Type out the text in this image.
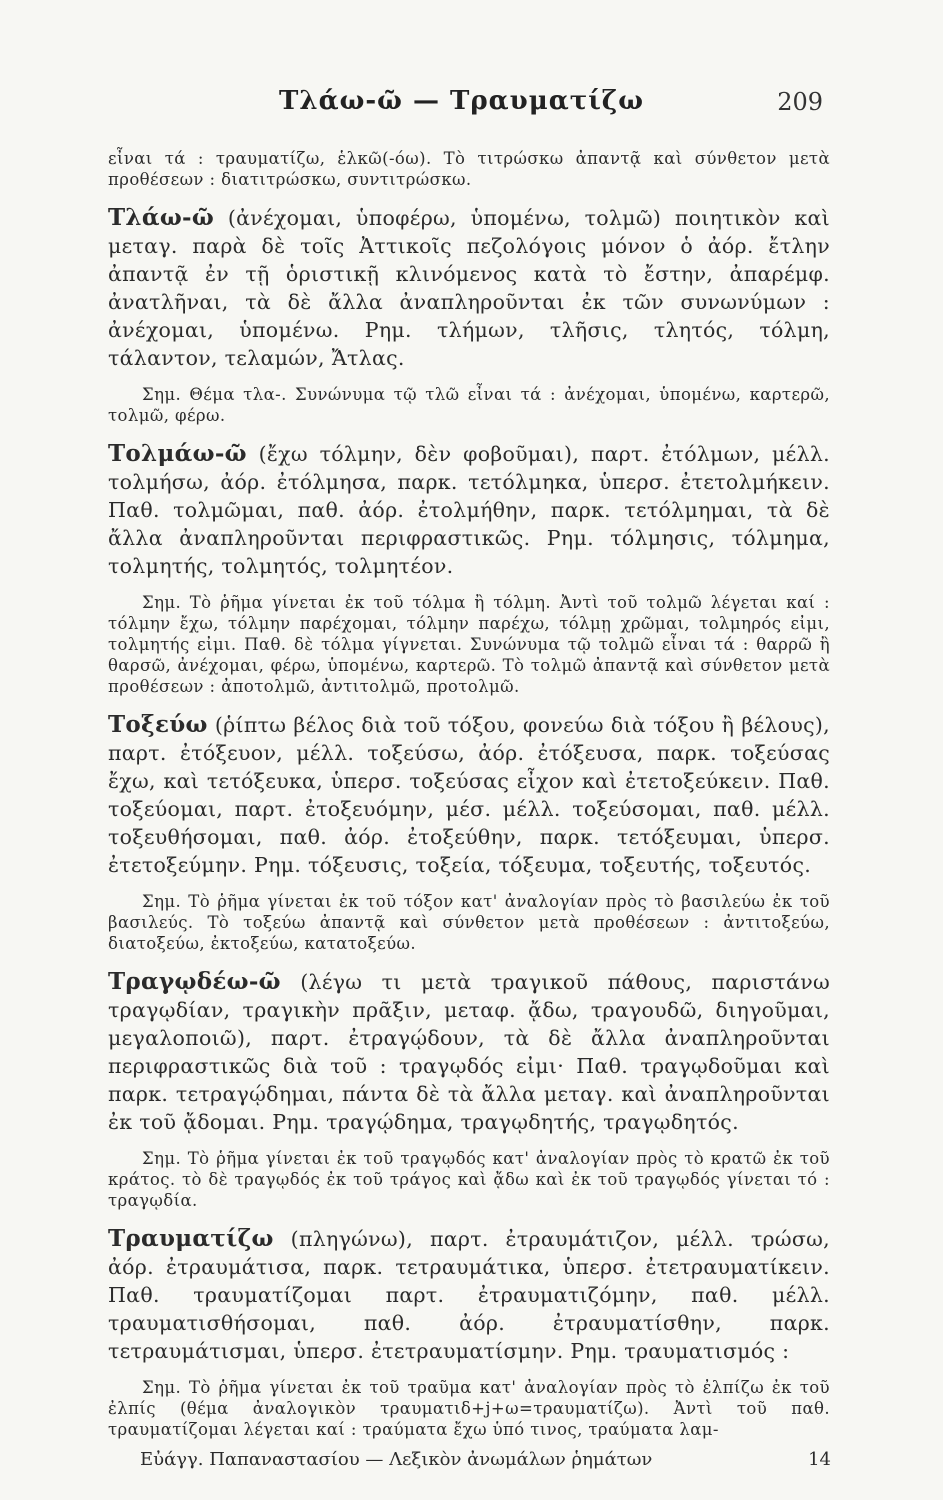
Τλάω-ῶ — Τραυματίζω	209

εἶναι τά : τραυματίζω, ἑλκῶ(-όω). Τὸ τιτρώσκω ἀπαντᾷ καὶ σύνθετον μετὰ προθέσεων : διατιτρώσκω, συντιτρώσκω.

Τλάω-ῶ (ἀνέχομαι, ὑποφέρω, ὑπομένω, τολμῶ) ποιητικὸν καὶ μεταγ. παρὰ δὲ τοῖς Ἀττικοῖς πεζολόγοις μόνον ὁ ἀόρ. ἔτλην ἀπαντᾷ ἐν τῇ ὁριστικῇ κλινόμενος κατὰ τὸ ἔστην, ἀπαρέμφ. ἀνατλῆναι, τὰ δὲ ἄλλα ἀναπληροῦνται ἐκ τῶν συνωνύμων : ἀνέχομαι, ὑπομένω. Ρημ. τλήμων, τλῆσις, τλητός, τόλμη, τάλαντον, τελαμών, Ἄτλας.

Σημ. Θέμα τλα-. Συνώνυμα τῷ τλῶ εἶναι τά : ἀνέχομαι, ὑπομένω, καρτερῶ, τολμῶ, φέρω.

Τολμάω-ῶ (ἔχω τόλμην, δὲν φοβοῦμαι), παρτ. ἐτόλμων, μέλλ. τολμήσω, ἀόρ. ἐτόλμησα, παρκ. τετόλμηκα, ὑπερσ. ἐτετολμήκειν. Παθ. τολμῶμαι, παθ. ἀόρ. ἐτολμήθην, παρκ. τετόλμημαι, τὰ δὲ ἄλλα ἀναπληροῦνται περιφραστικῶς. Ρημ. τόλμησις, τόλμημα, τολμητής, τολμητός, τολμητέον.

Σημ. Τὸ ῥῆμα γίνεται ἐκ τοῦ τόλμα ἢ τόλμη. Ἀντὶ τοῦ τολμῶ λέγεται καί : τόλμην ἔχω, τόλμην παρέχομαι, τόλμην παρέχω, τόλμῃ χρῶμαι, τολμηρός εἰμι, τολμητής εἰμι. Παθ. δὲ τόλμα γίγνεται. Συνώνυμα τῷ τολμῶ εἶναι τά : θαρρῶ ἢ θαρσῶ, ἀνέχομαι, φέρω, ὑπομένω, καρτερῶ. Τὸ τολμῶ ἀπαντᾷ καὶ σύνθετον μετὰ προθέσεων : ἀποτολμῶ, ἀντιτολμῶ, προτολμῶ.

Τοξεύω (ῥίπτω βέλος διὰ τοῦ τόξου, φονεύω διὰ τόξου ἢ βέλους), παρτ. ἐτόξευον, μέλλ. τοξεύσω, ἀόρ. ἐτόξευσα, παρκ. τοξεύσας ἔχω, καὶ τετόξευκα, ὑπερσ. τοξεύσας εἶχον καὶ ἐτετοξεύκειν. Παθ. τοξεύομαι, παρτ. ἐτοξευόμην, μέσ. μέλλ. τοξεύσομαι, παθ. μέλλ. τοξευθήσομαι, παθ. ἀόρ. ἐτοξεύθην, παρκ. τετόξευμαι, ὑπερσ. ἐτετοξεύμην. Ρημ. τόξευσις, τοξεία, τόξευμα, τοξευτής, τοξευτός.

Σημ. Τὸ ῥῆμα γίνεται ἐκ τοῦ τόξον κατ' ἀναλογίαν πρὸς τὸ βασιλεύω ἐκ τοῦ βασιλεύς. Τὸ τοξεύω ἀπαντᾷ καὶ σύνθετον μετὰ προθέσεων : ἀντιτοξεύω, διατοξεύω, ἐκτοξεύω, κατατοξεύω.

Τραγῳδέω-ῶ (λέγω τι μετὰ τραγικοῦ πάθους, παριστάνω τραγῳδίαν, τραγικὴν πρᾶξιν, μεταφ. ᾄδω, τραγουδῶ, διηγοῦμαι, μεγαλοποιῶ), παρτ. ἐτραγῴδουν, τὰ δὲ ἄλλα ἀναπληροῦνται περιφραστικῶς διὰ τοῦ : τραγῳδός εἰμι· Παθ. τραγῳδοῦμαι καὶ παρκ. τετραγῴδημαι, πάντα δὲ τὰ ἄλλα μεταγ. καὶ ἀναπληροῦνται ἐκ τοῦ ᾄδομαι. Ρημ. τραγῴδημα, τραγῳδητής, τραγῳδητός.

Σημ. Τὸ ῥῆμα γίνεται ἐκ τοῦ τραγῳδός κατ' ἀναλογίαν πρὸς τὸ κρατῶ ἐκ τοῦ κράτος. τὸ δὲ τραγῳδός ἐκ τοῦ τράγος καὶ ᾄδω καὶ ἐκ τοῦ τραγῳδός γίνεται τό : τραγῳδία.

Τραυματίζω (πληγώνω), παρτ. ἐτραυμάτιζον, μέλλ. τρώσω, ἀόρ. ἐτραυμάτισα, παρκ. τετραυμάτικα, ὑπερσ. ἐτετραυματίκειν. Παθ. τραυματίζομαι παρτ. ἐτραυματιζόμην, παθ. μέλλ. τραυματισθήσομαι, παθ. ἀόρ. ἐτραυματίσθην, παρκ. τετραυμάτισμαι, ὑπερσ. ἐτετραυματίσμην. Ρημ. τραυματισμός :

Σημ. Τὸ ῥῆμα γίνεται ἐκ τοῦ τραῦμα κατ' ἀναλογίαν πρὸς τὸ ἐλπίζω ἐκ τοῦ ἐλπίς (θέμα ἀναλογικὸν τραυματιδ+j+ω=τραυματίζω). Ἀντὶ τοῦ παθ. τραυματίζομαι λέγεται καί : τραύματα ἔχω ὑπό τινος, τραύματα λαμ-

Εὐάγγ. Παπαναστασίου — Λεξικὸν ἀνωμάλων ῥημάτων	14
